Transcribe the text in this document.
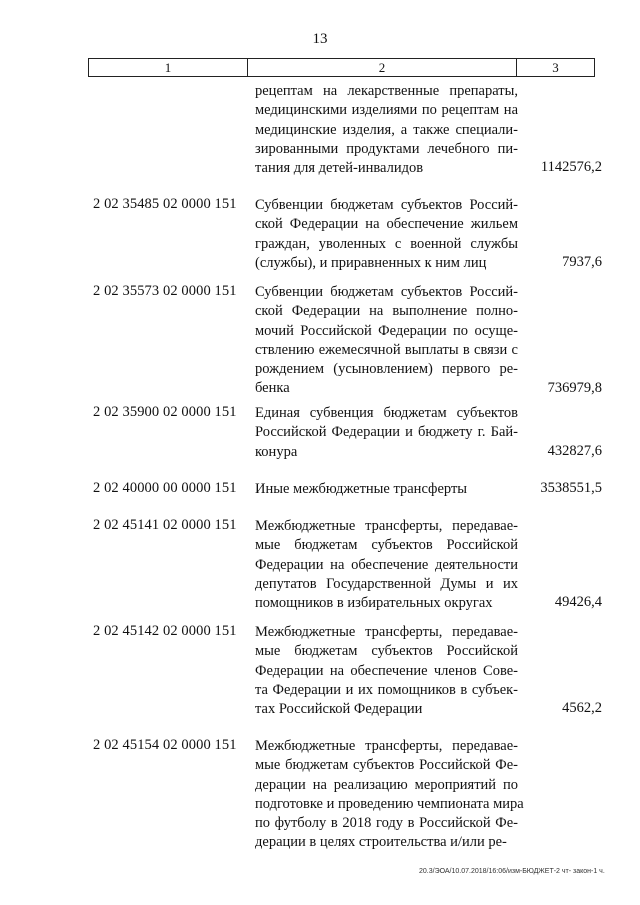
13
1	2	3
рецептам на лекарственные препараты,
медицинскими изделиями по рецептам на
медицинские изделия, а также специали-
зированными продуктами лечебного пи-
тания для детей-инвалидов	1142576,2
2 02 35485 02 0000 151 Субвенции бюджетам субъектов Россий-
ской Федерации на обеспечение жильем
граждан, уволенных с военной службы
(службы), и приравненных к ним лиц	7937,6
2 02 35573 02 0000 151 Субвенции бюджетам субъектов Россий-
ской Федерации на выполнение полно-
мочий Российской Федерации по осуще-
ствлению ежемесячной выплаты в связи с
рождением (усыновлением) первого ре-
бенка	736979,8
2 02 35900 02 0000 151 Единая субвенция бюджетам субъектов
Российской Федерации и бюджету г. Бай-
конура	432827,6
2 02 40000 00 0000 151 Иные межбюджетные трансферты	3538551,5
2 02 45141 02 0000 151 Межбюджетные трансферты, передавае-
мые бюджетам субъектов Российской
Федерации на обеспечение деятельности
депутатов Государственной Думы и их
помощников в избирательных округах	49426,4
2 02 45142 02 0000 151 Межбюджетные трансферты, передавае-
мые бюджетам субъектов Российской
Федерации на обеспечение членов Сове-
та Федерации и их помощников в субъек-
тах Российской Федерации	4562,2
2 02 45154 02 0000 151 Межбюджетные трансферты, передавае-
мые бюджетам субъектов Российской Фе-
дерации на реализацию мероприятий по
подготовке и проведению чемпионата мира
по футболу в 2018 году в Российской Фе-
дерации в целях строительства и/или ре-
20.3/ЭОА/10.07.2018/16:06/изм-БЮДЖЕТ-2 чт- закон-1 ч.
